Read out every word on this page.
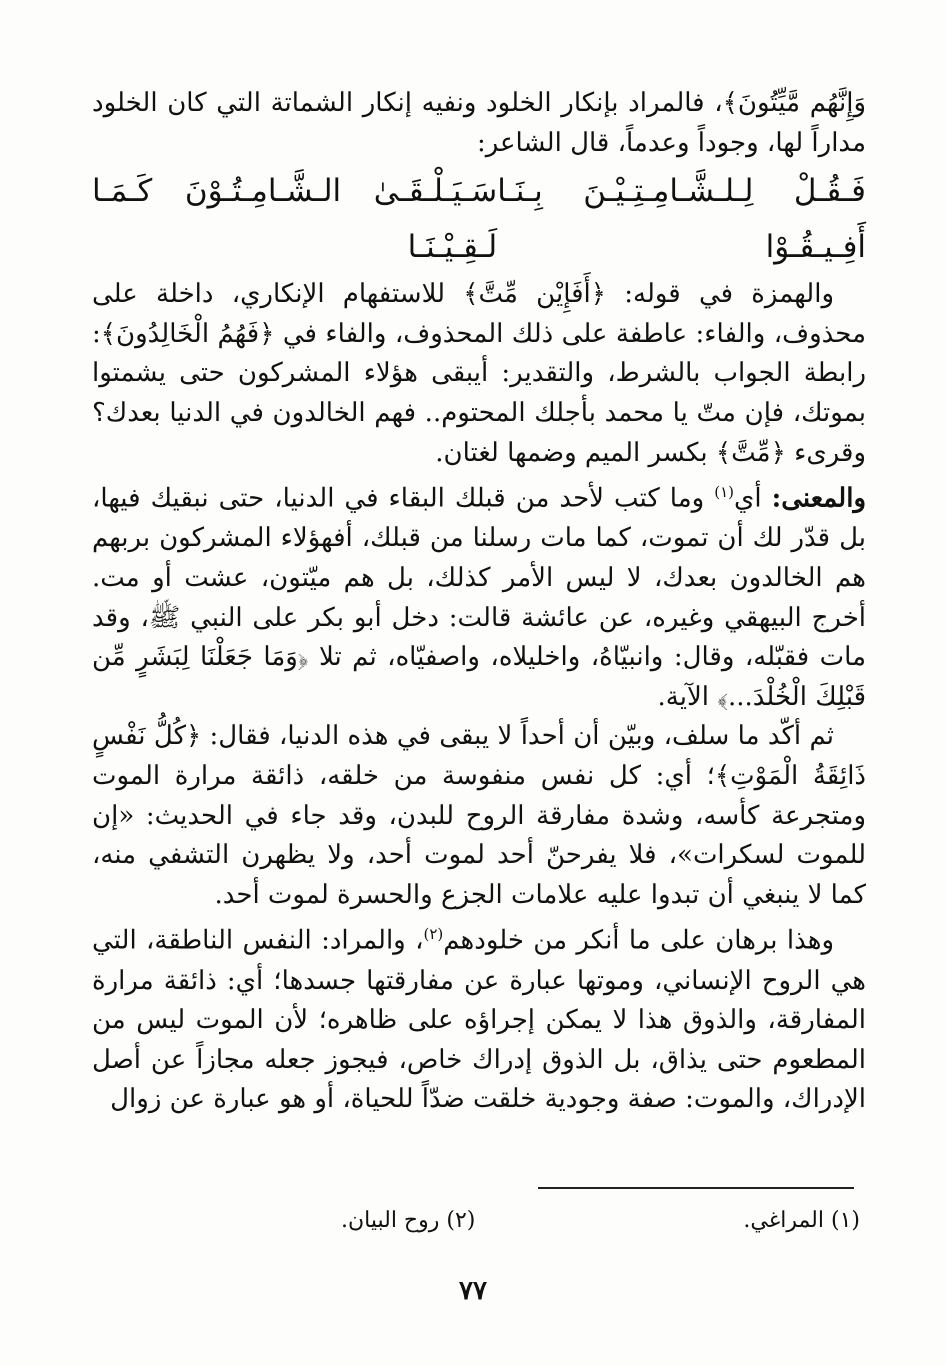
وَإِنَّهُم مَّيِّتُونَ﴾، فالمراد بإنكار الخلود ونفيه إنكار الشماتة التي كان الخلود مداراً لها، وجوداً وعدماً، قال الشاعر:

فَـقُـلْ لِـلـشَّـامِـتِـيْـنَ بِـنَـا أَفِـيـقُـوْا
سَـيَـلْـقَـىٰ الـشَّـامِـتُـوْنَ كَـمَـا لَـقِـيْـنَـا

والهمزة في قوله: ﴿أَفَإِيْن مِّتَّ﴾ للاستفهام الإنكاري، داخلة على محذوف، والفاء: عاطفة على ذلك المحذوف، والفاء في ﴿فَهُمُ الْخَالِدُونَ﴾: رابطة الجواب بالشرط، والتقدير: أيبقى هؤلاء المشركون حتى يشمتوا بموتك، فإن متّ يا محمد بأجلك المحتوم.. فهم الخالدون في الدنيا بعدك؟ وقرىء ﴿مِّتَّ﴾ بكسر الميم وضمها لغتان.

والمعنى: أي$^{(١)}$ وما كتب لأحد من قبلك البقاء في الدنيا، حتى نبقيك فيها، بل قدّر لك أن تموت، كما مات رسلنا من قبلك، أفهؤلاء المشركون بربهم هم الخالدون بعدك، لا ليس الأمر كذلك، بل هم ميّتون، عشت أو مت. أخرج البيهقي وغيره، عن عائشة قالت: دخل أبو بكر على النبي ﷺ، وقد مات فقبّله، وقال: وانبيّاهُ، واخليلاه، واصفيّاه، ثم تلا ﴿وَمَا جَعَلْنَا لِبَشَرٍ مِّن قَبْلِكَ الْخُلْدَ...﴾ الآية.

ثم أكّد ما سلف، وبيّن أن أحداً لا يبقى في هذه الدنيا، فقال: ﴿كُلُّ نَفْسٍ ذَائِقَةُ الْمَوْتِ﴾؛ أي: كل نفس منفوسة من خلقه، ذائقة مرارة الموت ومتجرعة كأسه، وشدة مفارقة الروح للبدن، وقد جاء في الحديث: «إن للموت لسكرات»، فلا يفرحنّ أحد لموت أحد، ولا يظهرن التشفي منه، كما لا ينبغي أن تبدوا عليه علامات الجزع والحسرة لموت أحد.

وهذا برهان على ما أنكر من خلودهم$^{(٢)}$، والمراد: النفس الناطقة، التي هي الروح الإنساني، وموتها عبارة عن مفارقتها جسدها؛ أي: ذائقة مرارة المفارقة، والذوق هذا لا يمكن إجراؤه على ظاهره؛ لأن الموت ليس من المطعوم حتى يذاق، بل الذوق إدراك خاص، فيجوز جعله مجازاً عن أصل الإدراك، والموت: صفة وجودية خلقت ضدّاً للحياة، أو هو عبارة عن زوال

(١) المراغي.
(٢) روح البيان.
٧٧
